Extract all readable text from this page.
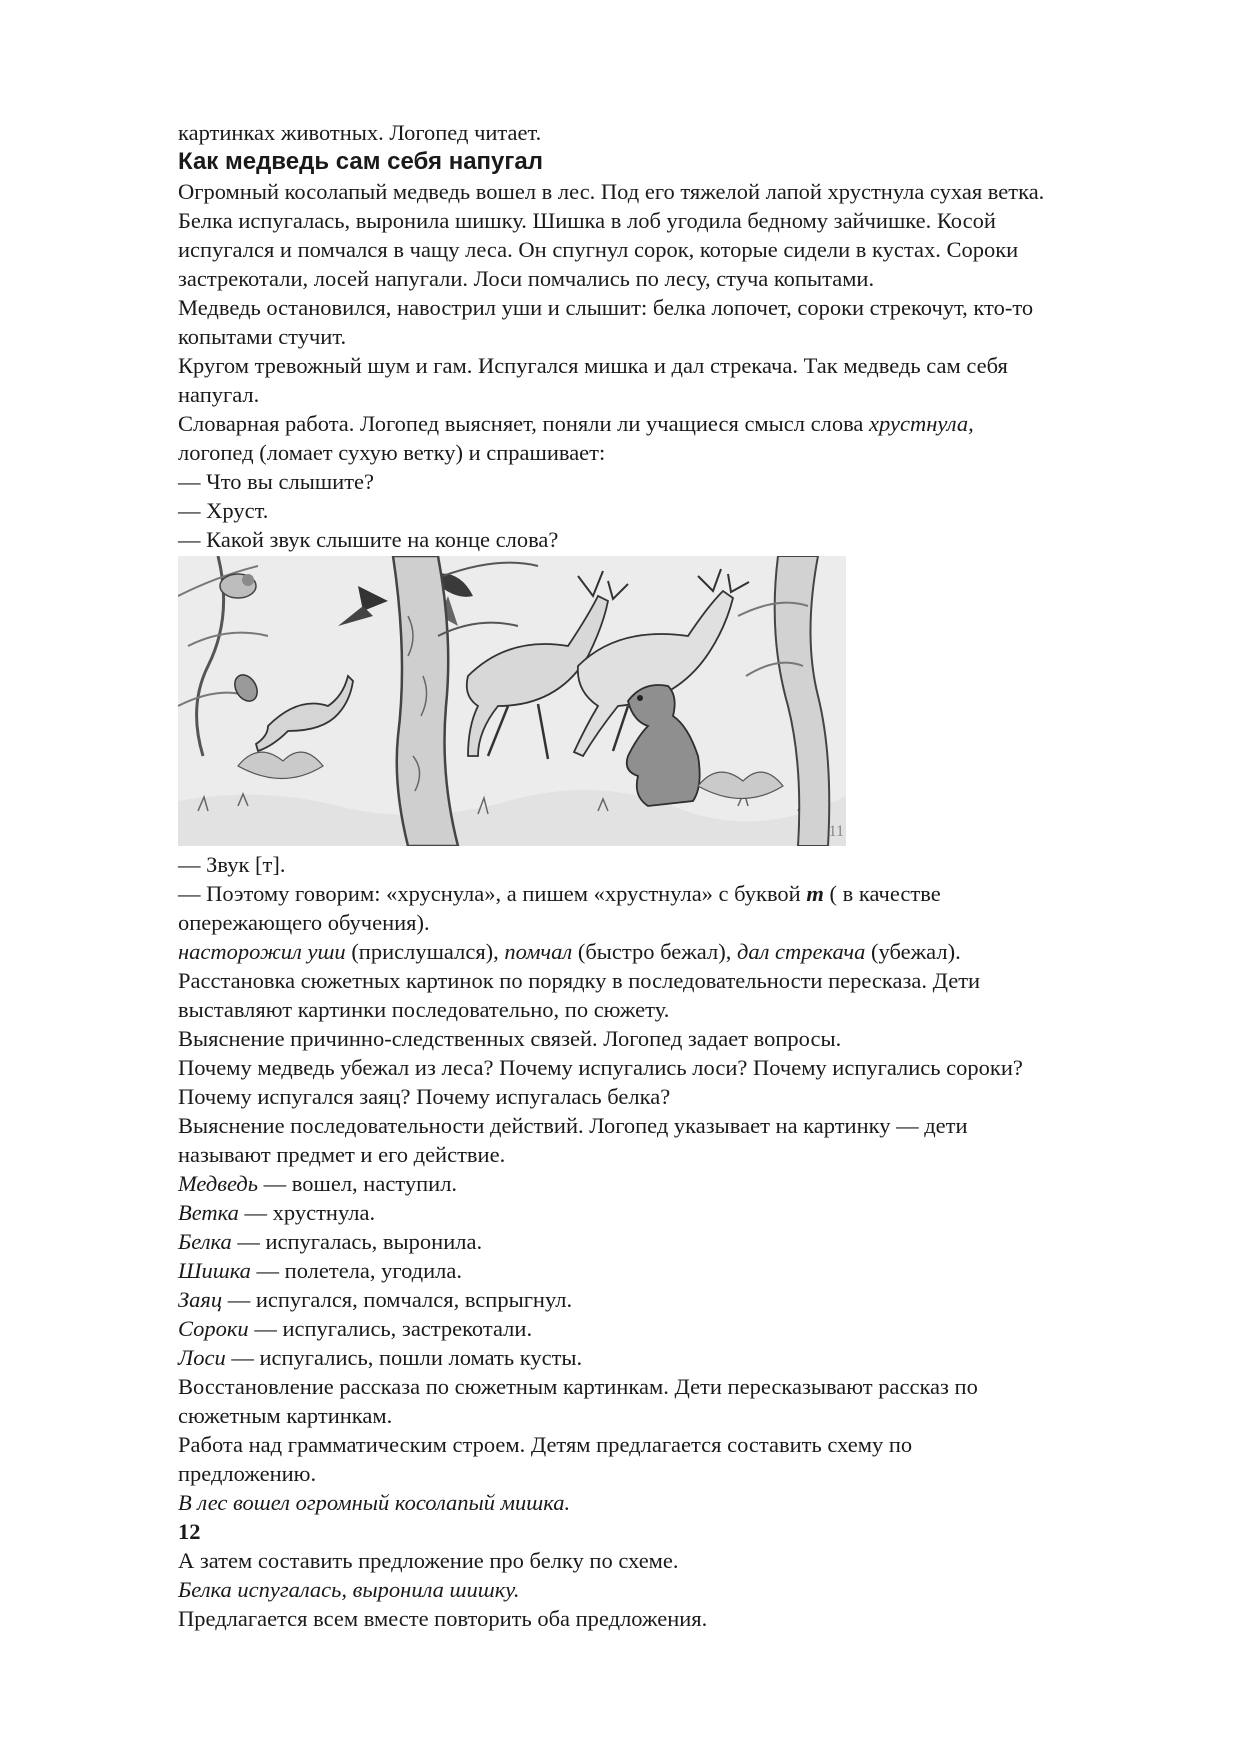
картинках животных. Логопед читает.

Как медведь сам себя напугал

Огромный косолапый медведь вошел в лес. Под его тяжелой лапой хрустнула сухая ветка.

Белка испугалась, выронила шишку. Шишка в лоб угодила бедному зайчишке. Косой

испугался и помчался в чащу леса. Он спугнул сорок, которые сидели в кустах. Сороки

застрекотали, лосей напугали. Лоси помчались по лесу, стуча копытами.

Медведь остановился, навострил уши и слышит: белка лопочет, сороки стрекочут, кто-то

копытами стучит.

Кругом тревожный шум и гам. Испугался мишка и дал стрекача. Так медведь сам себя

напугал.

Словарная работа. Логопед выясняет, поняли ли учащиеся смысл слова хрустнула,

логопед (ломает сухую ветку) и спрашивает:

— Что вы слышите?

— Хруст.

— Какой звук слышите на конце слова?

11

— Звук [т].

— Поэтому говорим: «хруснула», а пишем «хрустнула» с буквой т ( в качестве

опережающего обучения).

насторожил уши (прислушался), помчал (быстро бежал), дал стрекача (убежал).

Расстановка сюжетных картинок по порядку в последовательности пересказа. Дети

выставляют картинки последовательно, по сюжету.

Выяснение причинно-следственных связей. Логопед задает вопросы.

Почему медведь убежал из леса? Почему испугались лоси? Почему испугались сороки?

Почему испугался заяц? Почему испугалась белка?

Выяснение последовательности действий. Логопед указывает на картинку — дети

называют предмет и его действие.

Медведь — вошел, наступил.

Ветка — хрустнула.

Белка — испугалась, выронила.

Шишка — полетела, угодила.

Заяц — испугался, помчался, вспрыгнул.

Сороки — испугались, застрекотали.

Лоси — испугались, пошли ломать кусты.

Восстановление рассказа по сюжетным картинкам. Дети пересказывают рассказ по

сюжетным картинкам.

Работа над грамматическим строем. Детям предлагается составить схему по

предложению.

В лес вошел огромный косолапый мишка.

12

А затем составить предложение про белку по схеме.

Белка испугалась, выронила шишку.

Предлагается всем вместе повторить оба предложения.
